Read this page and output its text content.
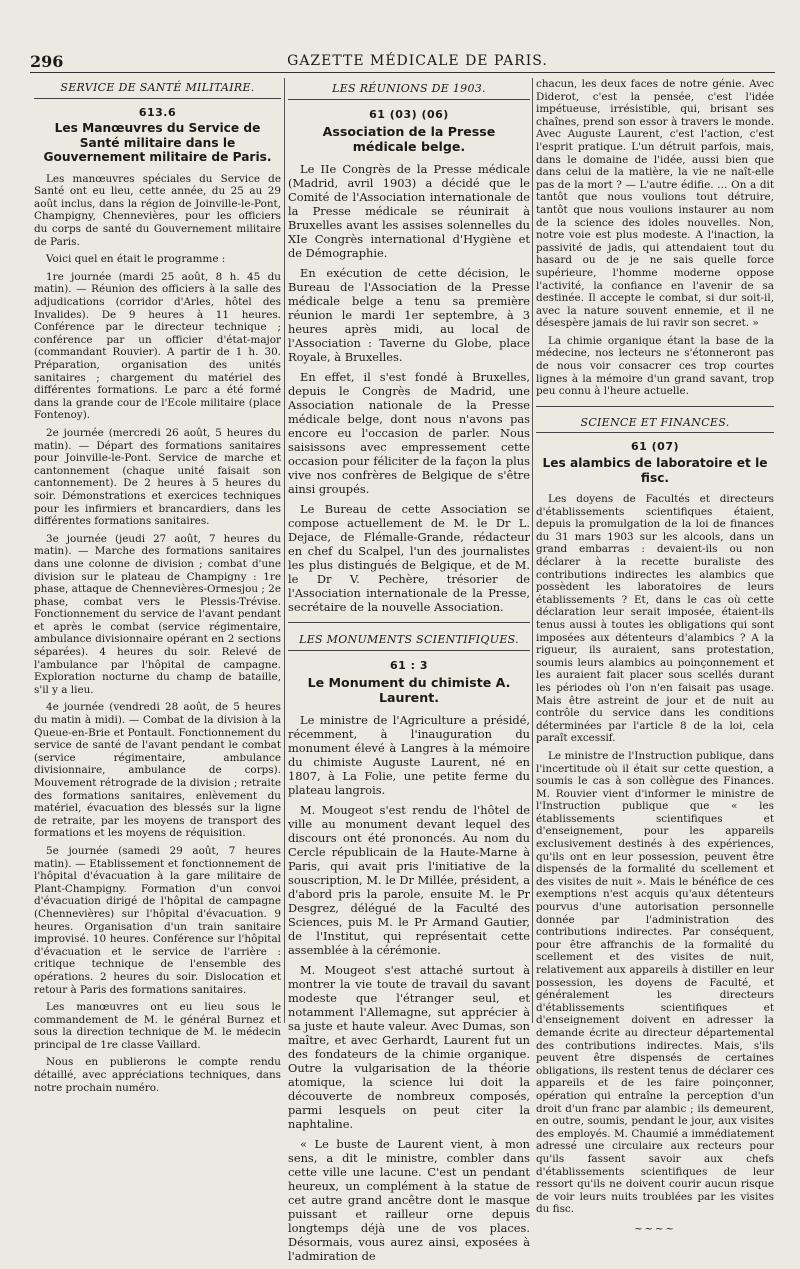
296	GAZETTE MÉDICALE DE PARIS.
SERVICE DE SANTÉ MILITAIRE.
613.6
Les Manœuvres du Service de Santé militaire dans le Gouvernement militaire de Paris.

Les manœuvres spéciales du Service de Santé ont eu lieu, cette année, du 25 au 29 août inclus, dans la région de Joinville-le-Pont, Champigny, Chennevières, pour les officiers du corps de santé du Gouvernement militaire de Paris.

Voici quel en était le programme :

1re journée (mardi 25 août, 8 h. 45 du matin). — Réunion des officiers à la salle des adjudications (corridor d'Arles, hôtel des Invalides). De 9 heures à 11 heures. Conférence par le directeur technique ; conférence par un officier d'état-major (commandant Rouvier). A partir de 1 h. 30. Préparation, organisation des unités sanitaires ; chargement du matériel des différentes formations. Le parc a été formé dans la grande cour de l'Ecole militaire (place Fontenoy).

2e journée (mercredi 26 août, 5 heures du matin). — Départ des formations sanitaires pour Joinville-le-Pont. Service de marche et cantonnement (chaque unité faisait son cantonnement). De 2 heures à 5 heures du soir. Démonstrations et exercices techniques pour les infirmiers et brancardiers, dans les différentes formations sanitaires.

3e journée (jeudi 27 août, 7 heures du matin). — Marche des formations sanitaires dans une colonne de division ; combat d'une division sur le plateau de Champigny : 1re phase, attaque de Chennevières-Ormesjou ; 2e phase, combat vers le Plessis-Trévise. Fonctionnement du service de l'avant pendant et après le combat (service régimentaire, ambulance divisionnaire opérant en 2 sections séparées). 4 heures du soir. Relevé de l'ambulance par l'hôpital de campagne. Exploration nocturne du champ de bataille, s'il y a lieu.

4e journée (vendredi 28 août, de 5 heures du matin à midi). — Combat de la division à la Queue-en-Brie et Pontault. Fonctionnement du service de santé de l'avant pendant le combat (service régimentaire, ambulance divisionnaire, ambulance de corps). Mouvement rétrograde de la division ; retraite des formations sanitaires, enlèvement du matériel, évacuation des blessés sur la ligne de retraite, par les moyens de transport des formations et les moyens de réquisition.

5e journée (samedi 29 août, 7 heures matin). — Etablissement et fonctionnement de l'hôpital d'évacuation à la gare militaire de Plant-Champigny. Formation d'un convoi d'évacuation dirigé de l'hôpital de campagne (Chennevières) sur l'hôpital d'évacuation. 9 heures. Organisation d'un train sanitaire improvisé. 10 heures. Conférence sur l'hôpital d'évacuation et le service de l'arrière : critique technique de l'ensemble des opérations. 2 heures du soir. Dislocation et retour à Paris des formations sanitaires.

Les manœuvres ont eu lieu sous le commandement de M. le général Burnez et sous la direction technique de M. le médecin principal de 1re classe Vaillard.

Nous en publierons le compte rendu détaillé, avec appréciations techniques, dans notre prochain numéro.

LES RÉUNIONS DE 1903.
61 (03) (06)
Association de la Presse médicale belge.

Le IIe Congrès de la Presse médicale (Madrid, avril 1903) a décidé que le Comité de l'Association internationale de la Presse médicale se réunirait à Bruxelles avant les assises solennelles du XIe Congrès international d'Hygiène et de Démographie.

En exécution de cette décision, le Bureau de l'Association de la Presse médicale belge a tenu sa première réunion le mardi 1er septembre, à 3 heures après midi, au local de l'Association : Taverne du Globe, place Royale, à Bruxelles.

En effet, il s'est fondé à Bruxelles, depuis le Congrès de Madrid, une Association nationale de la Presse médicale belge, dont nous n'avons pas encore eu l'occasion de parler. Nous saisissons avec empressement cette occasion pour féliciter de la façon la plus vive nos confrères de Belgique de s'être ainsi groupés.

Le Bureau de cette Association se compose actuellement de M. le Dr L. Dejace, de Flémalle-Grande, rédacteur en chef du Scalpel, l'un des journalistes les plus distingués de Belgique, et de M. le Dr V. Pechère, trésorier de l'Association internationale de la Presse, secrétaire de la nouvelle Association.

LES MONUMENTS SCIENTIFIQUES.
61 : 3
Le Monument du chimiste A. Laurent.

Le ministre de l'Agriculture a présidé, récemment, à l'inauguration du monument élevé à Langres à la mémoire du chimiste Auguste Laurent, né en 1807, à La Folie, une petite ferme du plateau langrois.

M. Mougeot s'est rendu de l'hôtel de ville au monument devant lequel des discours ont été prononcés. Au nom du Cercle républicain de la Haute-Marne à Paris, qui avait pris l'initiative de la souscription, M. le Dr Millée, président, a d'abord pris la parole, ensuite M. le Pr Desgrez, délégué de la Faculté des Sciences, puis M. le Pr Armand Gautier, de l'Institut, qui représentait cette assemblée à la cérémonie.

M. Mougeot s'est attaché surtout à montrer la vie toute de travail du savant modeste que l'étranger seul, et notamment l'Allemagne, sut apprécier à sa juste et haute valeur. Avec Dumas, son maître, et avec Gerhardt, Laurent fut un des fondateurs de la chimie organique. Outre la vulgarisation de la théorie atomique, la science lui doit la découverte de nombreux composés, parmi lesquels on peut citer la naphtaline.

« Le buste de Laurent vient, à mon sens, a dit le ministre, combler dans cette ville une lacune. C'est un pendant heureux, un complément à la statue de cet autre grand ancêtre dont le masque puissant et railleur orne depuis longtemps déjà une de vos places. Désormais, vous aurez ainsi, exposées à l'admiration de

chacun, les deux faces de notre génie. Avec Diderot, c'est la pensée, c'est l'idée impétueuse, irrésistible, qui, brisant ses chaînes, prend son essor à travers le monde. Avec Auguste Laurent, c'est l'action, c'est l'esprit pratique. L'un détruit parfois, mais, dans le domaine de l'idée, aussi bien que dans celui de la matière, la vie ne naît-elle pas de la mort ? — L'autre édifie. … On a dit tantôt que nous voulions tout détruire, tantôt que nous voulions instaurer au nom de la science des idoles nouvelles. Non, notre voie est plus modeste. A l'inaction, la passivité de jadis, qui attendaient tout du hasard ou de je ne sais quelle force supérieure, l'homme moderne oppose l'activité, la confiance en l'avenir de sa destinée. Il accepte le combat, si dur soit-il, avec la nature souvent ennemie, et il ne désespère jamais de lui ravir son secret. »

La chimie organique étant la base de la médecine, nos lecteurs ne s'étonneront pas de nous voir consacrer ces trop courtes lignes à la mémoire d'un grand savant, trop peu connu à l'heure actuelle.

SCIENCE ET FINANCES.
61 (07)
Les alambics de laboratoire et le fisc.

Les doyens de Facultés et directeurs d'établissements scientifiques étaient, depuis la promulgation de la loi de finances du 31 mars 1903 sur les alcools, dans un grand embarras : devaient-ils ou non déclarer à la recette buraliste des contributions indirectes les alambics que possèdent les laboratoires de leurs établissements ? Et, dans le cas où cette déclaration leur serait imposée, étaient-ils tenus aussi à toutes les obligations qui sont imposées aux détenteurs d'alambics ? A la rigueur, ils auraient, sans protestation, soumis leurs alambics au poinçonnement et les auraient fait placer sous scellés durant les périodes où l'on n'en faisait pas usage. Mais être astreint de jour et de nuit au contrôle du service dans les conditions déterminées par l'article 8 de la loi, cela paraît excessif.

Le ministre de l'Instruction publique, dans l'incertitude où il était sur cette question, a soumis le cas à son collègue des Finances. M. Rouvier vient d'informer le ministre de l'Instruction publique que « les établissements scientifiques et d'enseignement, pour les appareils exclusivement destinés à des expériences, qu'ils ont en leur possession, peuvent être dispensés de la formalité du scellement et des visites de nuit ». Mais le bénéfice de ces exemptions n'est acquis qu'aux détenteurs pourvus d'une autorisation personnelle donnée par l'administration des contributions indirectes. Par conséquent, pour être affranchis de la formalité du scellement et des visites de nuit, relativement aux appareils à distiller en leur possession, les doyens de Faculté, et généralement les directeurs d'établissements scientifiques et d'enseignement doivent en adresser la demande écrite au directeur départemental des contributions indirectes. Mais, s'ils peuvent être dispensés de certaines obligations, ils restent tenus de déclarer ces appareils et de les faire poinçonner, opération qui entraîne la perception d'un droit d'un franc par alambic ; ils demeurent, en outre, soumis, pendant le jour, aux visites des employés. M. Chaumié a immédiatement adressé une circulaire aux recteurs pour qu'ils fassent savoir aux chefs d'établissements scientifiques de leur ressort qu'ils ne doivent courir aucun risque de voir leurs nuits troublées par les visites du fisc.

~~~~
